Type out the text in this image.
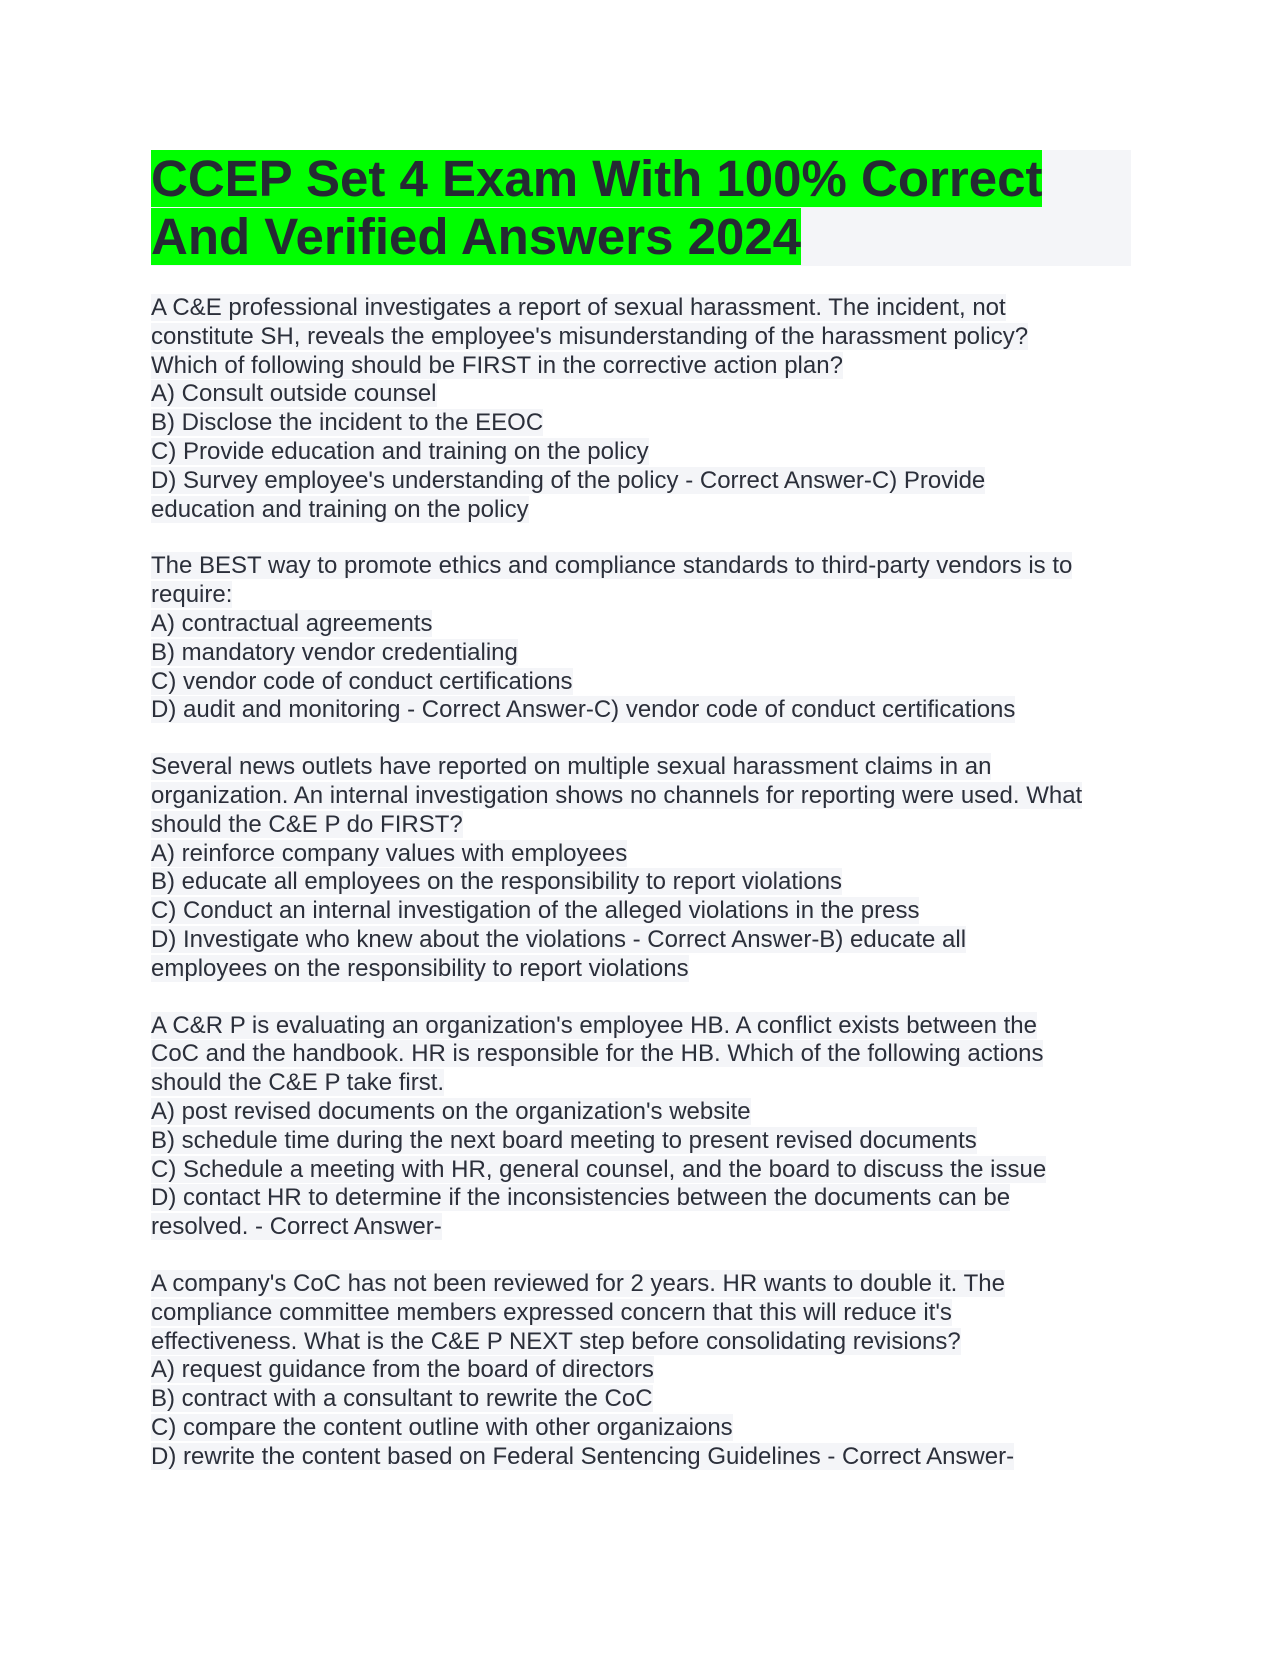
CCEP Set 4 Exam With 100% Correct
And Verified Answers 2024
A C&E professional investigates a report of sexual harassment. The incident, not
constitute SH, reveals the employee's misunderstanding of the harassment policy?
Which of following should be FIRST in the corrective action plan?
A) Consult outside counsel
B) Disclose the incident to the EEOC
C) Provide education and training on the policy
D) Survey employee's understanding of the policy - Correct Answer-C) Provide
education and training on the policy
The BEST way to promote ethics and compliance standards to third-party vendors is to
require:
A) contractual agreements
B) mandatory vendor credentialing
C) vendor code of conduct certifications
D) audit and monitoring - Correct Answer-C) vendor code of conduct certifications
Several news outlets have reported on multiple sexual harassment claims in an
organization. An internal investigation shows no channels for reporting were used. What
should the C&E P do FIRST?
A) reinforce company values with employees
B) educate all employees on the responsibility to report violations
C) Conduct an internal investigation of the alleged violations in the press
D) Investigate who knew about the violations - Correct Answer-B) educate all
employees on the responsibility to report violations
A C&R P is evaluating an organization's employee HB. A conflict exists between the
CoC and the handbook. HR is responsible for the HB. Which of the following actions
should the C&E P take first.
A) post revised documents on the organization's website
B) schedule time during the next board meeting to present revised documents
C) Schedule a meeting with HR, general counsel, and the board to discuss the issue
D) contact HR to determine if the inconsistencies between the documents can be
resolved. - Correct Answer-
A company's CoC has not been reviewed for 2 years. HR wants to double it. The
compliance committee members expressed concern that this will reduce it's
effectiveness. What is the C&E P NEXT step before consolidating revisions?
A) request guidance from the board of directors
B) contract with a consultant to rewrite the CoC
C) compare the content outline with other organizaions
D) rewrite the content based on Federal Sentencing Guidelines - Correct Answer-
